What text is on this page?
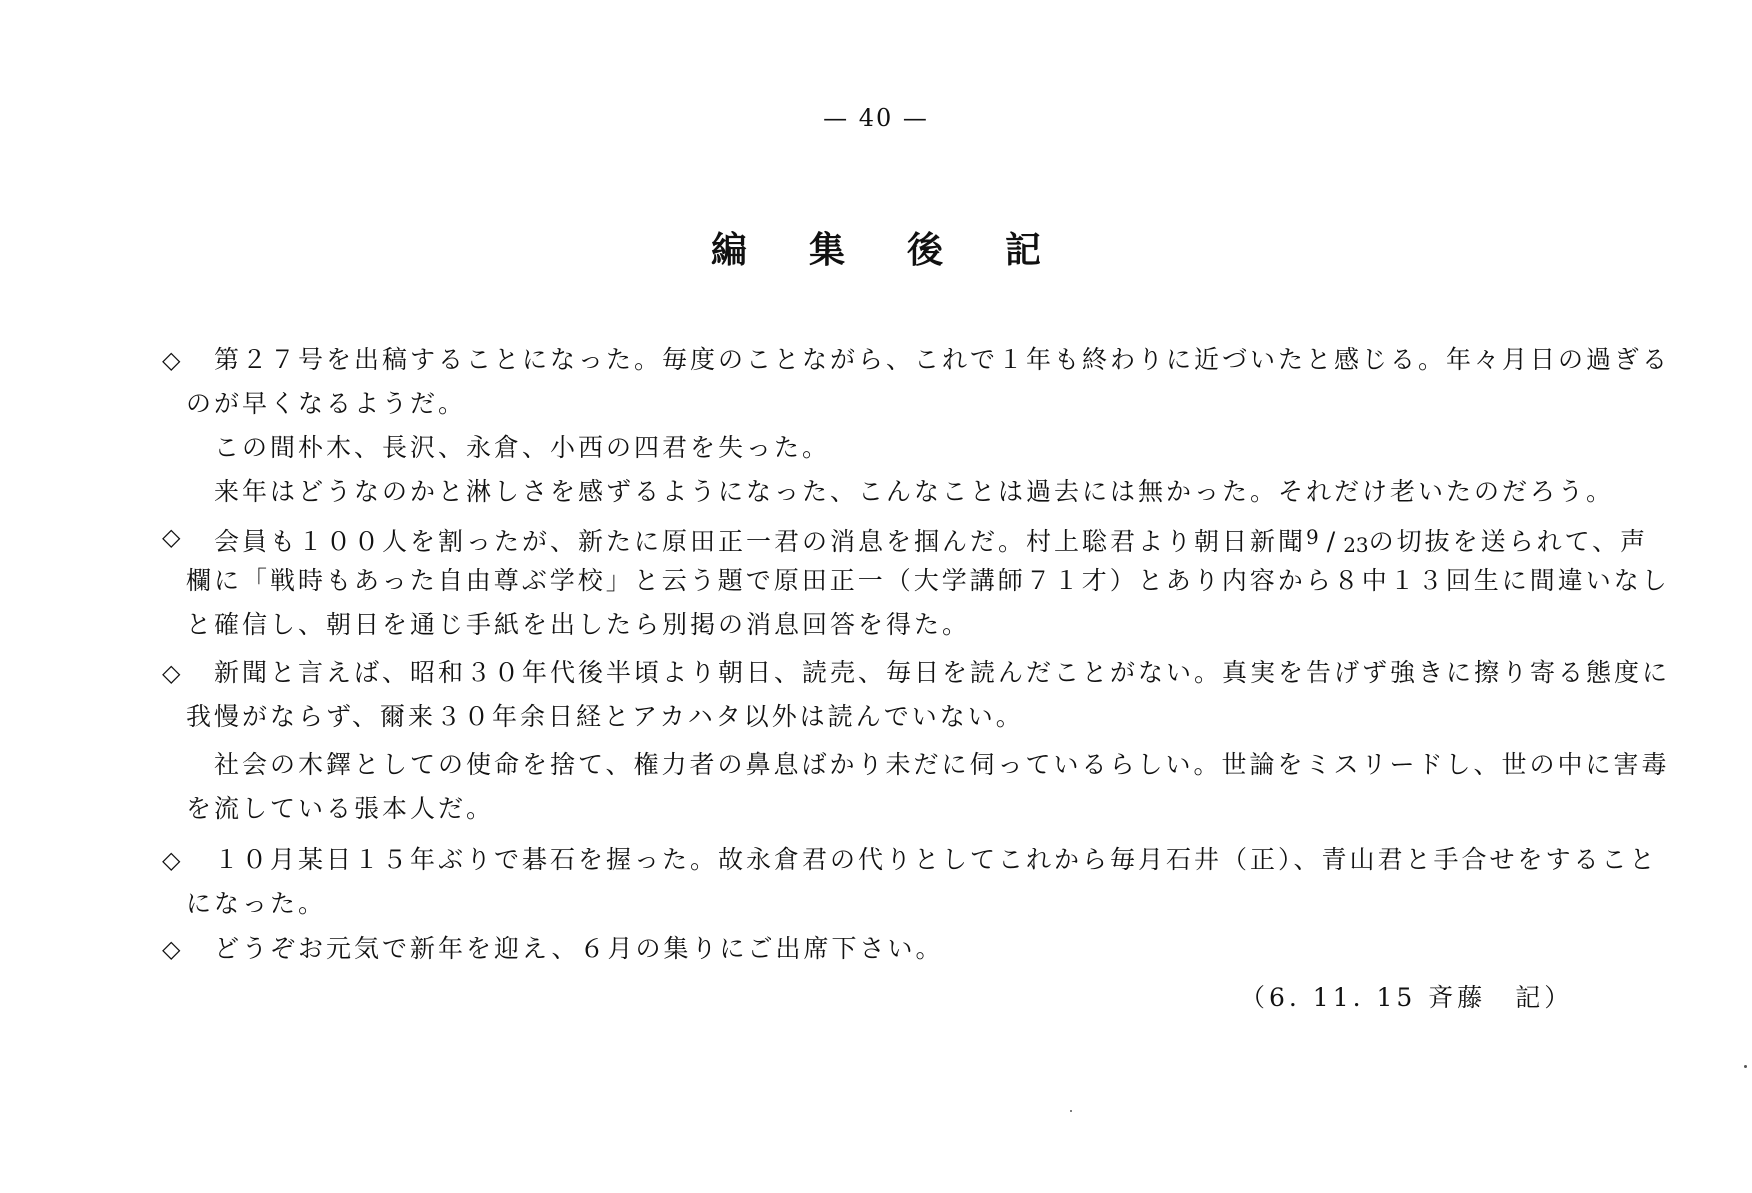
— 40 —
編集後記
◇ 第２７号を出稿することになった。毎度のことながら、これで１年も終わりに近づいたと感じる。年々月日の過ぎる
のが早くなるようだ。
この間朴木、長沢、永倉、小西の四君を失った。
来年はどうなのかと淋しさを感ずるようになった、こんなことは過去には無かった。それだけ老いたのだろう。
◇ 会員も１００人を割ったが、新たに原田正一君の消息を掴んだ。村上聡君より朝日新聞$^9$ / $_{23}$の切抜を送られて、声
欄に「戦時もあった自由尊ぶ学校」と云う題で原田正一（大学講師７１才）とあり内容から８中１３回生に間違いなし
と確信し、朝日を通じ手紙を出したら別掲の消息回答を得た。
◇ 新聞と言えば、昭和３０年代後半頃より朝日、読売、毎日を読んだことがない。真実を告げず強きに擦り寄る態度に
我慢がならず、爾来３０年余日経とアカハタ以外は読んでいない。
社会の木鐸としての使命を捨て、権力者の鼻息ばかり未だに伺っているらしい。世論をミスリードし、世の中に害毒
を流している張本人だ。
◇ １０月某日１５年ぶりで碁石を握った。故永倉君の代りとしてこれから毎月石井（正）、青山君と手合せをすること
になった。
◇ どうぞお元気で新年を迎え、６月の集りにご出席下さい。
（6. 11. 15 斉藤　記）
